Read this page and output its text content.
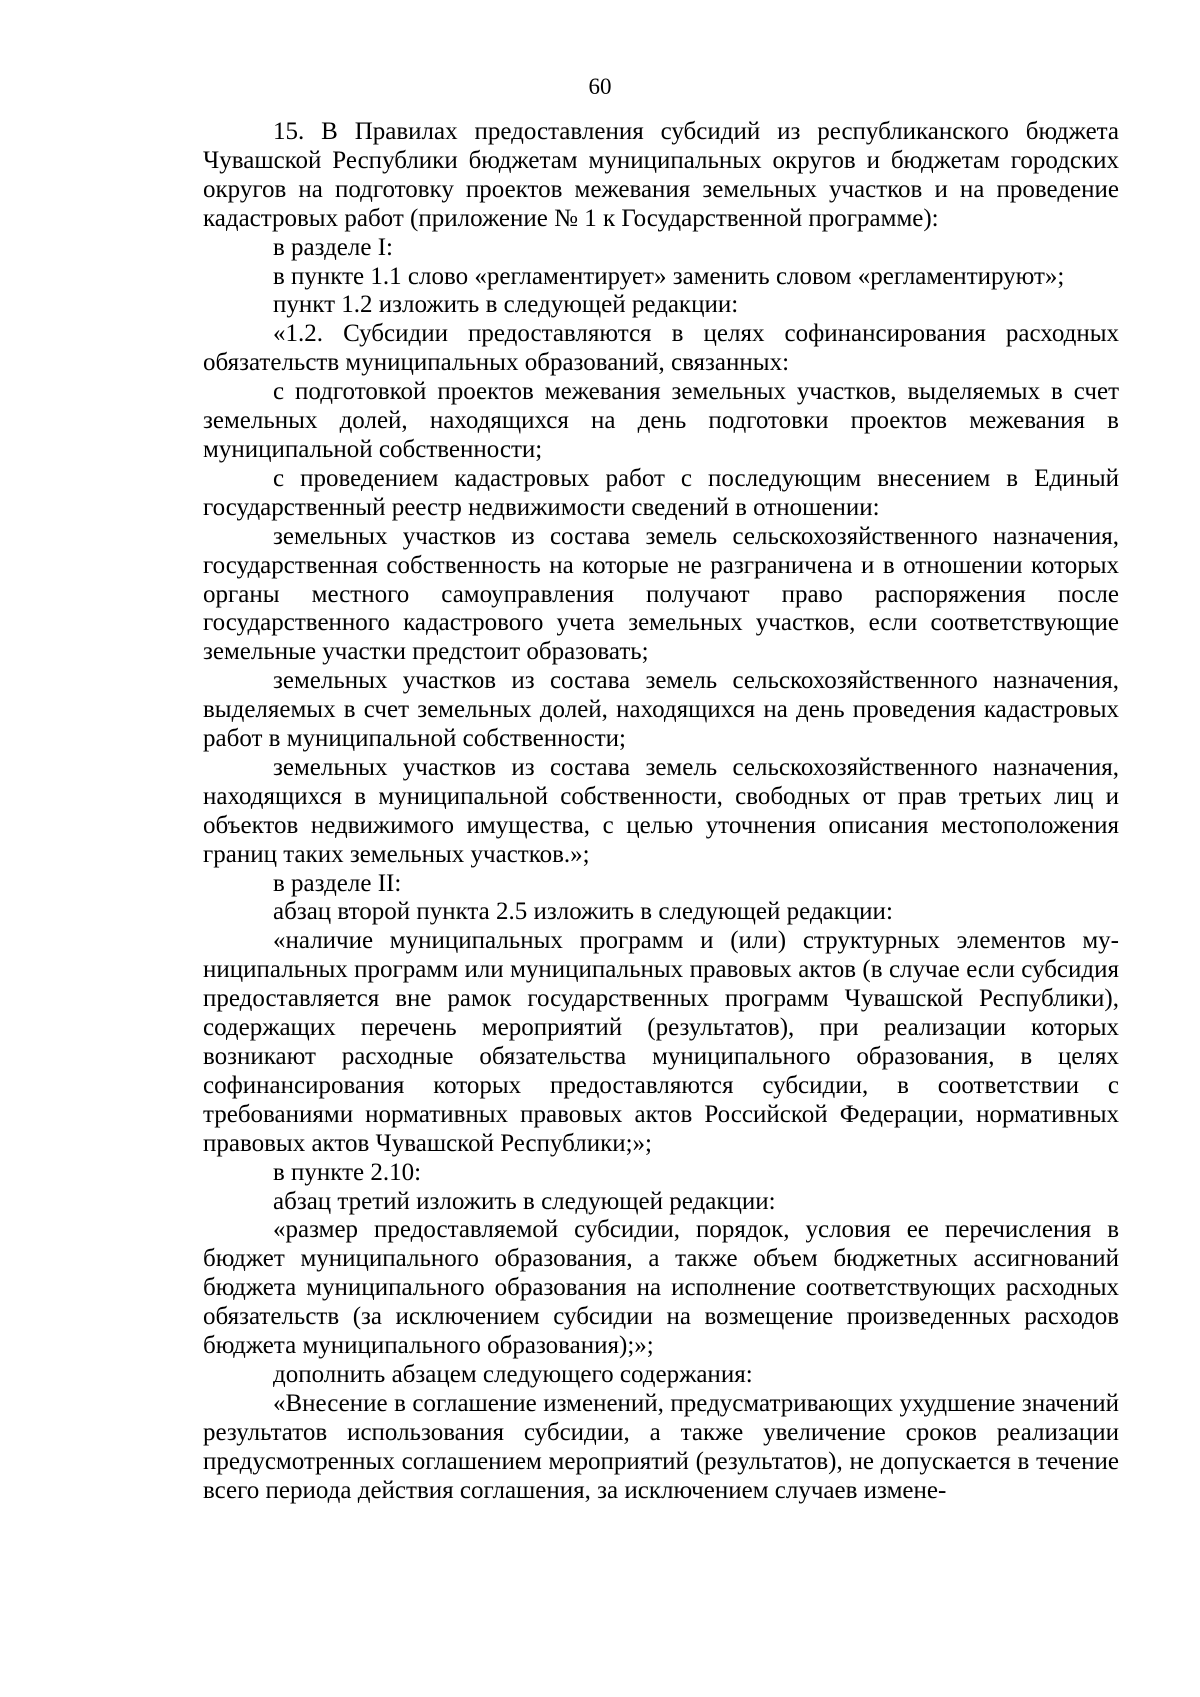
60

15. В Правилах предоставления субсидий из республиканского бюджета Чувашской Республики бюджетам муниципальных округов и бюджетам городских округов на подготовку проектов межевания земельных участков и на проведение кадастровых работ (приложение № 1 к Государственной программе):

в разделе I:

в пункте 1.1 слово «регламентирует» заменить словом «регламентируют»;

пункт 1.2 изложить в следующей редакции:

«1.2. Субсидии предоставляются в целях софинансирования расходных обязательств муниципальных образований, связанных:

с подготовкой проектов межевания земельных участков, выделяемых в счет земельных долей, находящихся на день подготовки проектов межевания в муниципальной собственности;

с проведением кадастровых работ с последующим внесением в Единый государственный реестр недвижимости сведений в отношении:

земельных участков из состава земель сельскохозяйственного назначения, государственная собственность на которые не разграничена и в отношении которых органы местного самоуправления получают право распоряжения после государственного кадастрового учета земельных участков, если соответствующие земельные участки предстоит образовать;

земельных участков из состава земель сельскохозяйственного назначения, выделяемых в счет земельных долей, находящихся на день проведения кадастровых работ в муниципальной собственности;

земельных участков из состава земель сельскохозяйственного назначения, находящихся в муниципальной собственности, свободных от прав третьих лиц и объектов недвижимого имущества, с целью уточнения описания местоположения границ таких земельных участков.»;

в разделе II:

абзац второй пункта 2.5 изложить в следующей редакции:

«наличие муниципальных программ и (или) структурных элементов муниципальных программ или муниципальных правовых актов (в случае если субсидия предоставляется вне рамок государственных программ Чувашской Республики), содержащих перечень мероприятий (результатов), при реализации которых возникают расходные обязательства муниципального образования, в целях софинансирования которых предоставляются субсидии, в соответствии с требованиями нормативных правовых актов Российской Федерации, нормативных правовых актов Чувашской Республики;»;

в пункте 2.10:

абзац третий изложить в следующей редакции:

«размер предоставляемой субсидии, порядок, условия ее перечисления в бюджет муниципального образования, а также объем бюджетных ассигнований бюджета муниципального образования на исполнение соответствующих расходных обязательств (за исключением субсидии на возмещение произведенных расходов бюджета муниципального образования);»;

дополнить абзацем следующего содержания:

«Внесение в соглашение изменений, предусматривающих ухудшение значений результатов использования субсидии, а также увеличение сроков реализации предусмотренных соглашением мероприятий (результатов), не допускается в течение всего периода действия соглашения, за исключением случаев измене-
